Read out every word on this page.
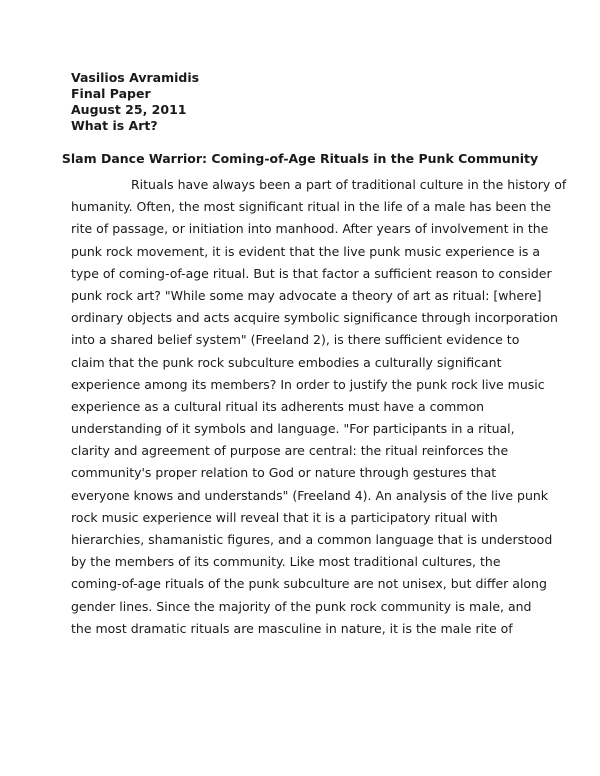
Vasilios Avramidis
Final Paper
August 25, 2011
What is Art?
Slam Dance Warrior: Coming-of-Age Rituals in the Punk Community
Rituals have always been a part of traditional culture in the history of
humanity. Often, the most significant ritual in the life of a male has been the
rite of passage, or initiation into manhood. After years of involvement in the
punk rock movement, it is evident that the live punk music experience is a
type of coming-of-age ritual. But is that factor a sufficient reason to consider
punk rock art? "While some may advocate a theory of art as ritual: [where]
ordinary objects and acts acquire symbolic significance through incorporation
into a shared belief system" (Freeland 2), is there sufficient evidence to
claim that the punk rock subculture embodies a culturally significant
experience among its members? In order to justify the punk rock live music
experience as a cultural ritual its adherents must have a common
understanding of it symbols and language. "For participants in a ritual,
clarity and agreement of purpose are central: the ritual reinforces the
community's proper relation to God or nature through gestures that
everyone knows and understands" (Freeland 4). An analysis of the live punk
rock music experience will reveal that it is a participatory ritual with
hierarchies, shamanistic figures, and a common language that is understood
by the members of its community. Like most traditional cultures, the
coming-of-age rituals of the punk subculture are not unisex, but differ along
gender lines. Since the majority of the punk rock community is male, and
the most dramatic rituals are masculine in nature, it is the male rite of
